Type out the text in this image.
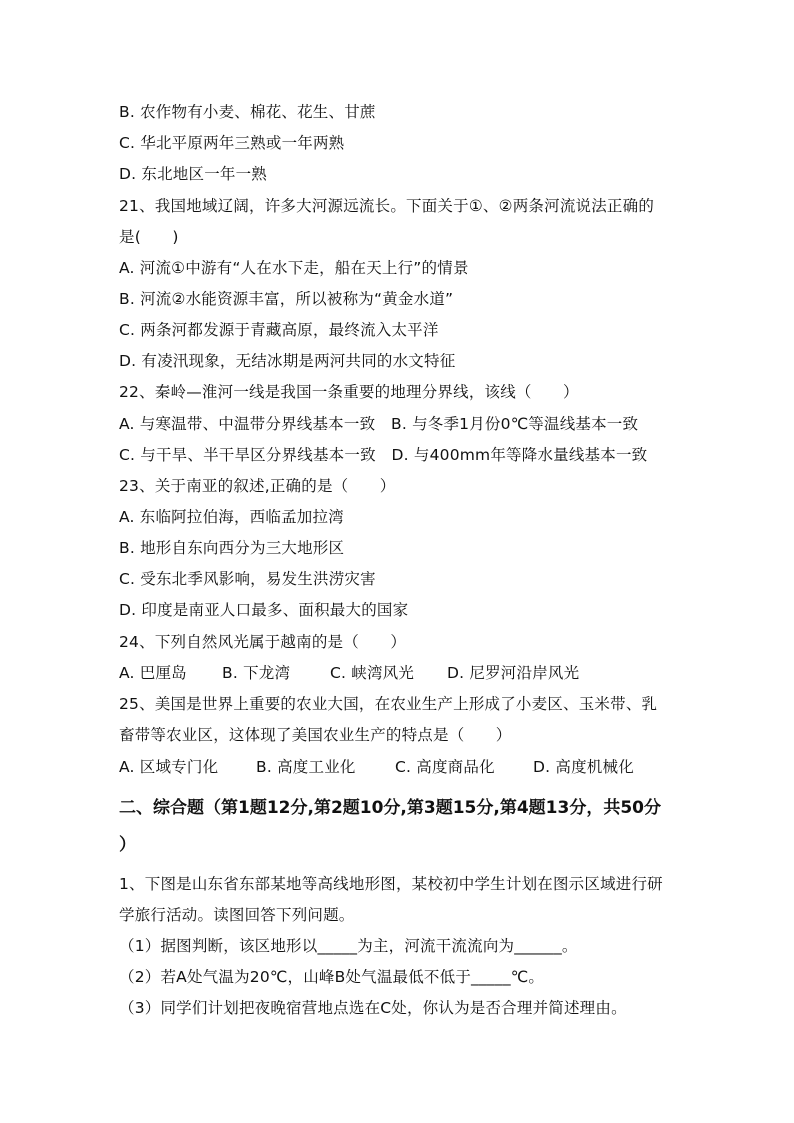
B. 农作物有小麦、棉花、花生、甘蔗
C. 华北平原两年三熟或一年两熟
D. 东北地区一年一熟
21、我国地域辽阔，许多大河源远流长。下面关于①、②两条河流说法正确的
是(　　)
A. 河流①中游有“人在水下走，船在天上行”的情景
B. 河流②水能资源丰富，所以被称为“黄金水道”
C. 两条河都发源于青藏高原，最终流入太平洋
D. 有凌汛现象，无结冰期是两河共同的水文特征
22、秦岭—淮河一线是我国一条重要的地理分界线，该线（　　）
A. 与寒温带、中温带分界线基本一致　B. 与冬季1月份0℃等温线基本一致
C. 与干旱、半干旱区分界线基本一致　D. 与400mm年等降水量线基本一致
23、关于南亚的叙述,正确的是（　　）
A. 东临阿拉伯海，西临孟加拉湾
B. 地形自东向西分为三大地形区
C. 受东北季风影响，易发生洪涝灾害
D. 印度是南亚人口最多、面积最大的国家
24、下列自然风光属于越南的是（　　）
A. 巴厘岛 B. 下龙湾	C. 峡湾风光 D. 尼罗河沿岸风光
25、美国是世界上重要的农业大国，在农业生产上形成了小麦区、玉米带、乳
畜带等农业区，这体现了美国农业生产的特点是（　　）
A. 区域专门化 B. 高度工业化	C. 高度商品化 D. 高度机械化
二、综合题（第1题12分,第2题10分,第3题15分,第4题13分，共50分
）
1、下图是山东省东部某地等高线地形图，某校初中学生计划在图示区域进行研
学旅行活动。读图回答下列问题。
（1）据图判断，该区地形以_____为主，河流干流流向为______。
（2）若A处气温为20℃，山峰B处气温最低不低于_____℃。
（3）同学们计划把夜晚宿营地点选在C处，你认为是否合理并简述理由。
